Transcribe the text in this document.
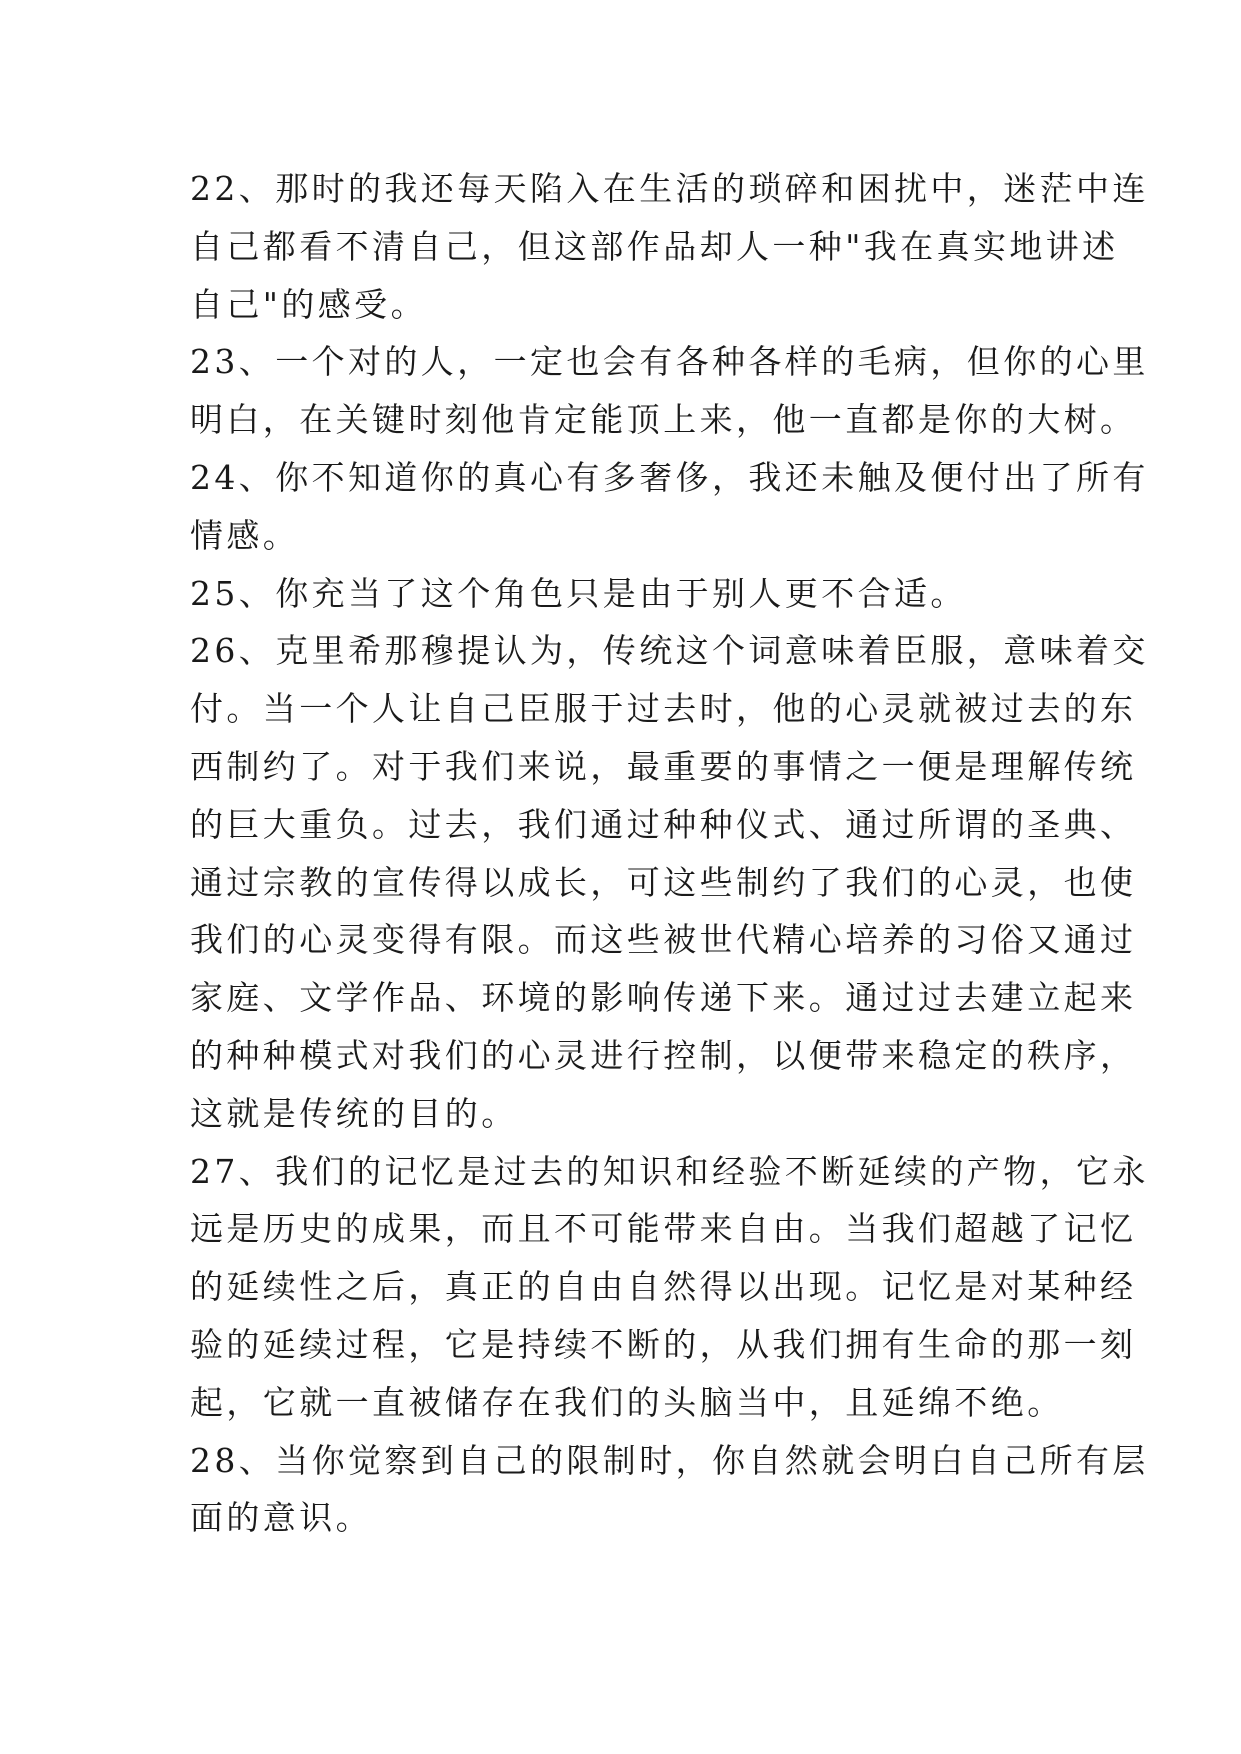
22、那时的我还每天陷入在生活的琐碎和困扰中，迷茫中连
自己都看不清自己，但这部作品却人一种"我在真实地讲述
自己"的感受。

23、一个对的人，一定也会有各种各样的毛病，但你的心里
明白，在关键时刻他肯定能顶上来，他一直都是你的大树。

24、你不知道你的真心有多奢侈，我还未触及便付出了所有
情感。

25、你充当了这个角色只是由于别人更不合适。

26、克里希那穆提认为，传统这个词意味着臣服，意味着交
付。当一个人让自己臣服于过去时，他的心灵就被过去的东
西制约了。对于我们来说，最重要的事情之一便是理解传统
的巨大重负。过去，我们通过种种仪式、通过所谓的圣典、
通过宗教的宣传得以成长，可这些制约了我们的心灵，也使
我们的心灵变得有限。而这些被世代精心培养的习俗又通过
家庭、文学作品、环境的影响传递下来。通过过去建立起来
的种种模式对我们的心灵进行控制，以便带来稳定的秩序，
这就是传统的目的。

27、我们的记忆是过去的知识和经验不断延续的产物，它永
远是历史的成果，而且不可能带来自由。当我们超越了记忆
的延续性之后，真正的自由自然得以出现。记忆是对某种经
验的延续过程，它是持续不断的，从我们拥有生命的那一刻
起，它就一直被储存在我们的头脑当中，且延绵不绝。

28、当你觉察到自己的限制时，你自然就会明白自己所有层
面的意识。
